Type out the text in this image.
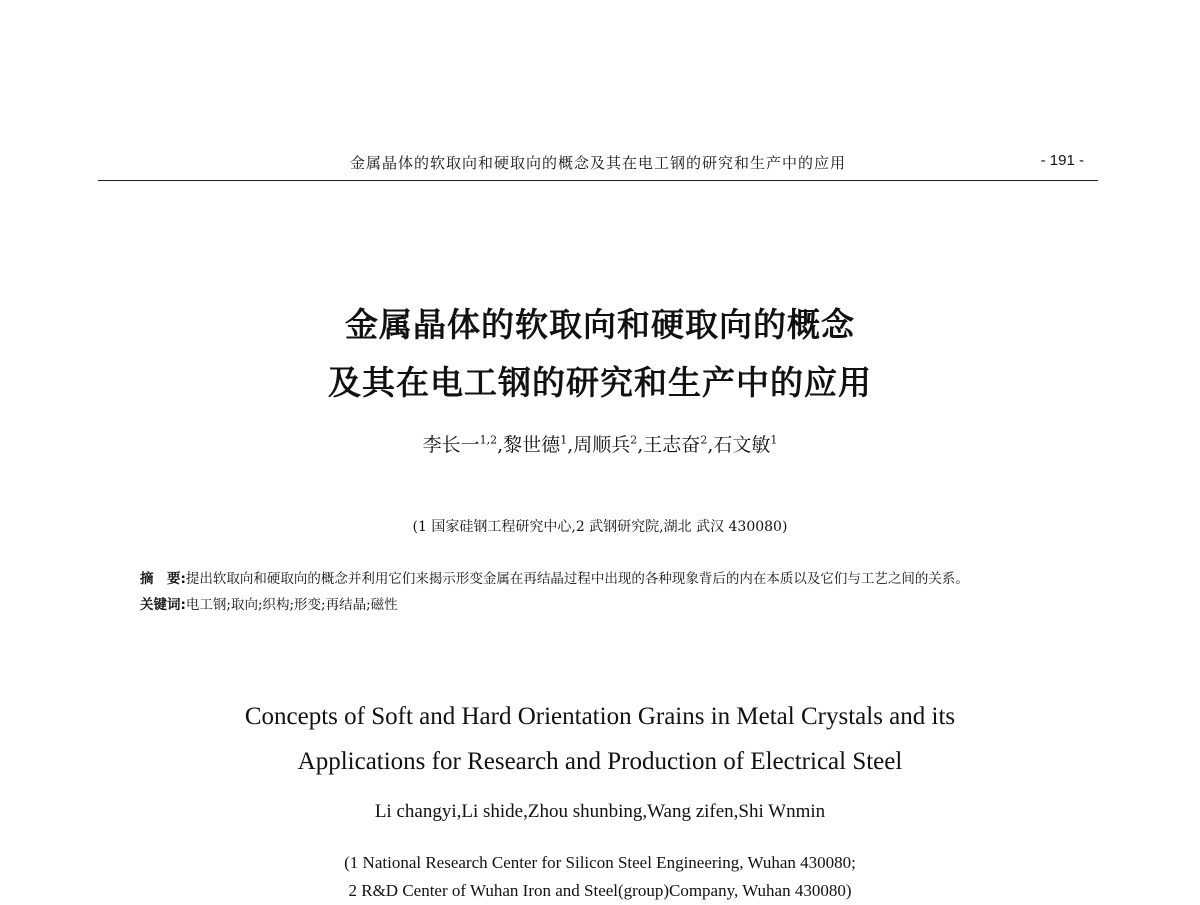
金属晶体的软取向和硬取向的概念及其在电工钢的研究和生产中的应用	- 191 -
金属晶体的软取向和硬取向的概念
及其在电工钢的研究和生产中的应用
李长一$^{1,2}$,黎世德$^1$,周顺兵$^2$,王志奋$^2$,石文敏$^1$
(1 国家硅钢工程研究中心,2 武钢研究院,湖北 武汉 430080)
摘　要:提出软取向和硬取向的概念并利用它们来揭示形变金属在再结晶过程中出现的各种现象背后的内在本质以及它们与工艺之间的关系。
关键词:电工钢;取向;织构;形变;再结晶;磁性
Concepts of Soft and Hard Orientation Grains in Metal Crystals and its
Applications for Research and Production of Electrical Steel
Li changyi,Li shide,Zhou shunbing,Wang zifen,Shi Wnmin
(1 National Research Center for Silicon Steel Engineering, Wuhan 430080;
2 R&D Center of Wuhan Iron and Steel(group)Company, Wuhan 430080)
